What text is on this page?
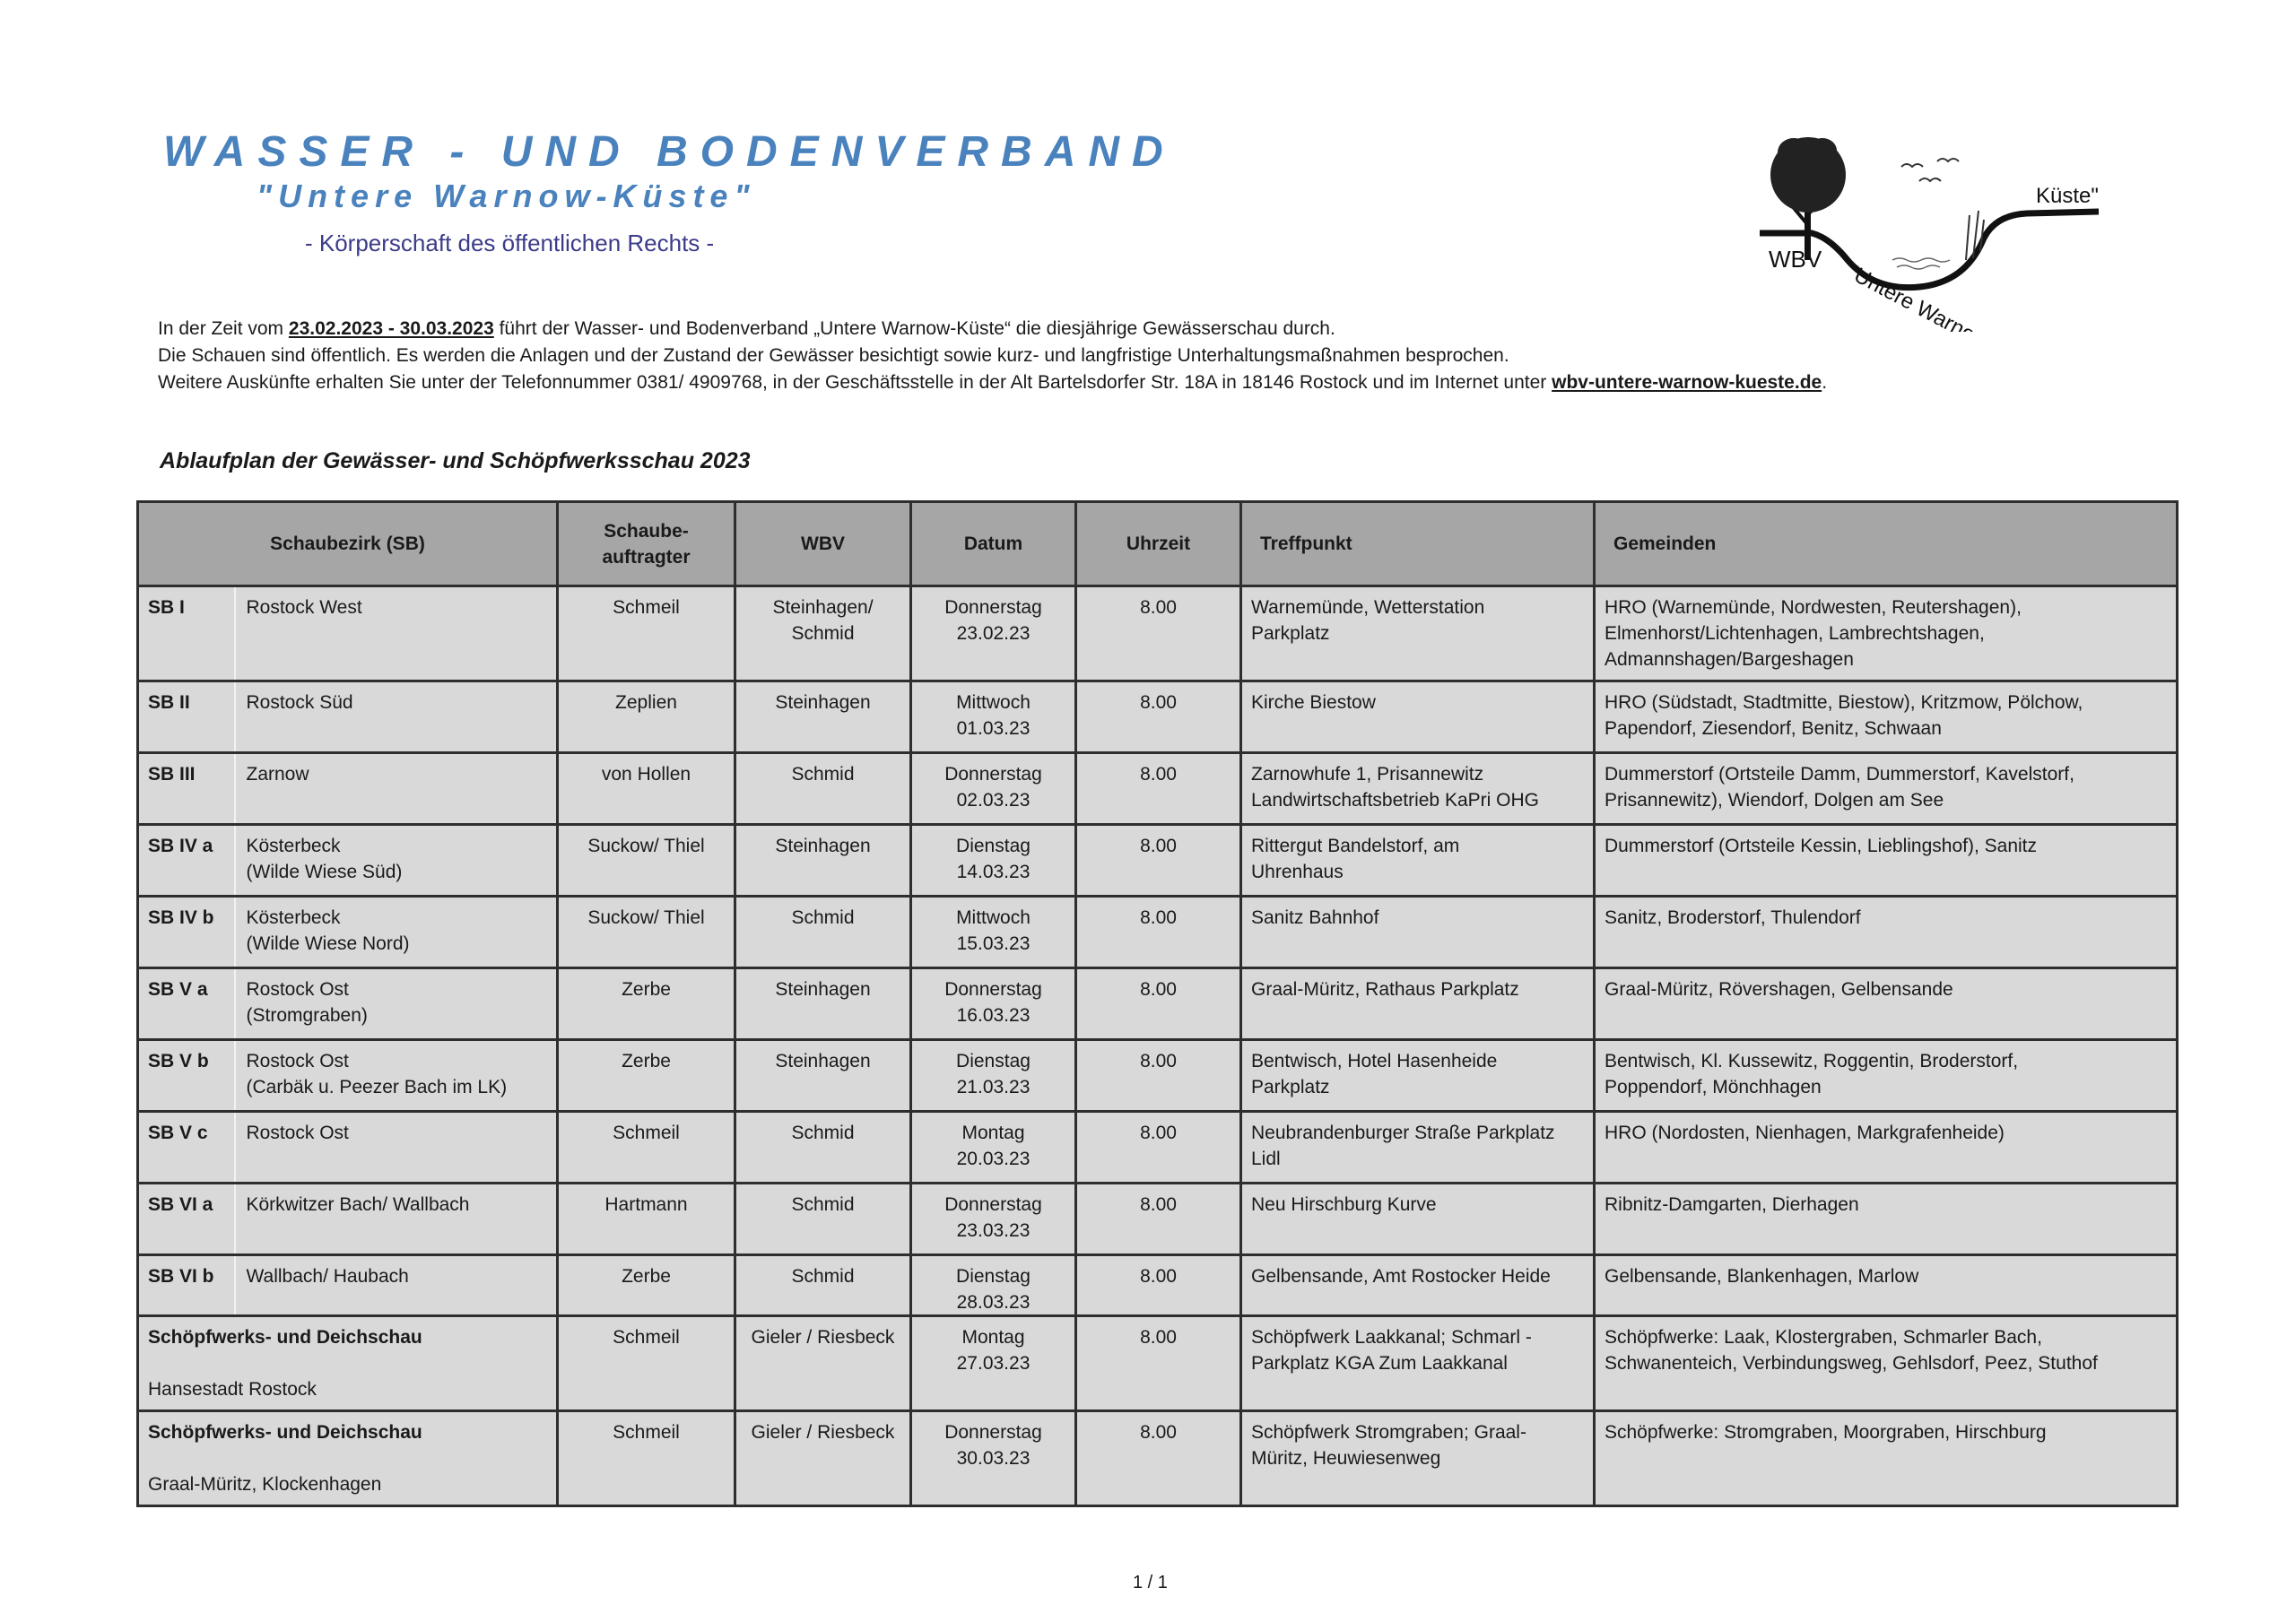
WASSER - UND BODENVERBAND
"Untere Warnow-Küste"
- Körperschaft des öffentlichen Rechts -
WBV
"Untere Warnow -
Küste"
In der Zeit vom 23.02.2023 - 30.03.2023 führt der Wasser- und Bodenverband „Untere Warnow-Küste“ die diesjährige Gewässerschau durch.
Die Schauen sind öffentlich. Es werden die Anlagen und der Zustand der Gewässer besichtigt sowie kurz- und langfristige Unterhaltungsmaßnahmen besprochen.
Weitere Auskünfte erhalten Sie unter der Telefonnummer 0381/ 4909768, in der Geschäftsstelle in der Alt Bartelsdorfer Str. 18A in 18146 Rostock und im Internet unter wbv-untere-warnow-kueste.de.
Ablaufplan der Gewässer- und Schöpfwerksschau 2023
Schaubezirk (SB)		Schaube-
auftragter	WBV	Datum	Uhrzeit	Treffpunkt	Gemeinden
SB I	Rostock West	Schmeil	Steinhagen/
Schmid	Donnerstag
23.02.23	8.00	Warnemünde, Wetterstation
Parkplatz	HRO (Warnemünde, Nordwesten, Reutershagen),
Elmenhorst/Lichtenhagen, Lambrechtshagen,
Admannshagen/Bargeshagen
SB II	Rostock Süd	Zeplien	Steinhagen	Mittwoch
01.03.23	8.00	Kirche Biestow	HRO (Südstadt, Stadtmitte, Biestow), Kritzmow, Pölchow,
Papendorf, Ziesendorf, Benitz, Schwaan

SB III	Zarnow	von Hollen	Schmid	Donnerstag
02.03.23	8.00	Zarnowhufe 1, Prisannewitz
Landwirtschaftsbetrieb KaPri OHG	Dummerstorf (Ortsteile Damm, Dummerstorf, Kavelstorf,
Prisannewitz), Wiendorf, Dolgen am See

SB IV a	Kösterbeck
(Wilde Wiese Süd)	Suckow/ Thiel	Steinhagen	Dienstag
14.03.23	8.00	Rittergut Bandelstorf, am
Uhrenhaus	Dummerstorf (Ortsteile Kessin, Lieblingshof), Sanitz

SB IV b	Kösterbeck
(Wilde Wiese Nord)	Suckow/ Thiel	Schmid	Mittwoch
15.03.23	8.00	Sanitz Bahnhof	Sanitz, Broderstorf, Thulendorf

SB V a	Rostock Ost
(Stromgraben)	Zerbe	Steinhagen	Donnerstag
16.03.23	8.00	Graal-Müritz, Rathaus Parkplatz	Graal-Müritz, Rövershagen, Gelbensande

SB V b	Rostock Ost
(Carbäk u. Peezer Bach im LK)	Zerbe	Steinhagen	Dienstag
21.03.23	8.00	Bentwisch, Hotel Hasenheide
Parkplatz	Bentwisch, Kl. Kussewitz, Roggentin, Broderstorf,
Poppendorf, Mönchhagen

SB V c	Rostock Ost	Schmeil	Schmid	Montag
20.03.23	8.00	Neubrandenburger Straße Parkplatz
Lidl	HRO (Nordosten, Nienhagen, Markgrafenheide)

SB VI a	Körkwitzer Bach/ Wallbach	Hartmann	Schmid	Donnerstag
23.03.23	8.00	Neu Hirschburg Kurve	Ribnitz-Damgarten, Dierhagen

SB VI b	Wallbach/ Haubach	Zerbe	Schmid	Dienstag
28.03.23	8.00	Gelbensande, Amt Rostocker Heide	Gelbensande, Blankenhagen, Marlow

Schöpfwerks- und Deichschau

Hansestadt Rostock	Schmeil	Gieler / Riesbeck	Montag
27.03.23	8.00	Schöpfwerk Laakkanal; Schmarl -
Parkplatz KGA Zum Laakkanal	Schöpfwerke: Laak, Klostergraben, Schmarler Bach,
Schwanenteich, Verbindungsweg, Gehlsdorf, Peez, Stuthof

Schöpfwerks- und Deichschau

Graal-Müritz, Klockenhagen	Schmeil	Gieler / Riesbeck	Donnerstag
30.03.23	8.00	Schöpfwerk Stromgraben; Graal-
Müritz, Heuwiesenweg	Schöpfwerke: Stromgraben, Moorgraben, Hirschburg

1 / 1
